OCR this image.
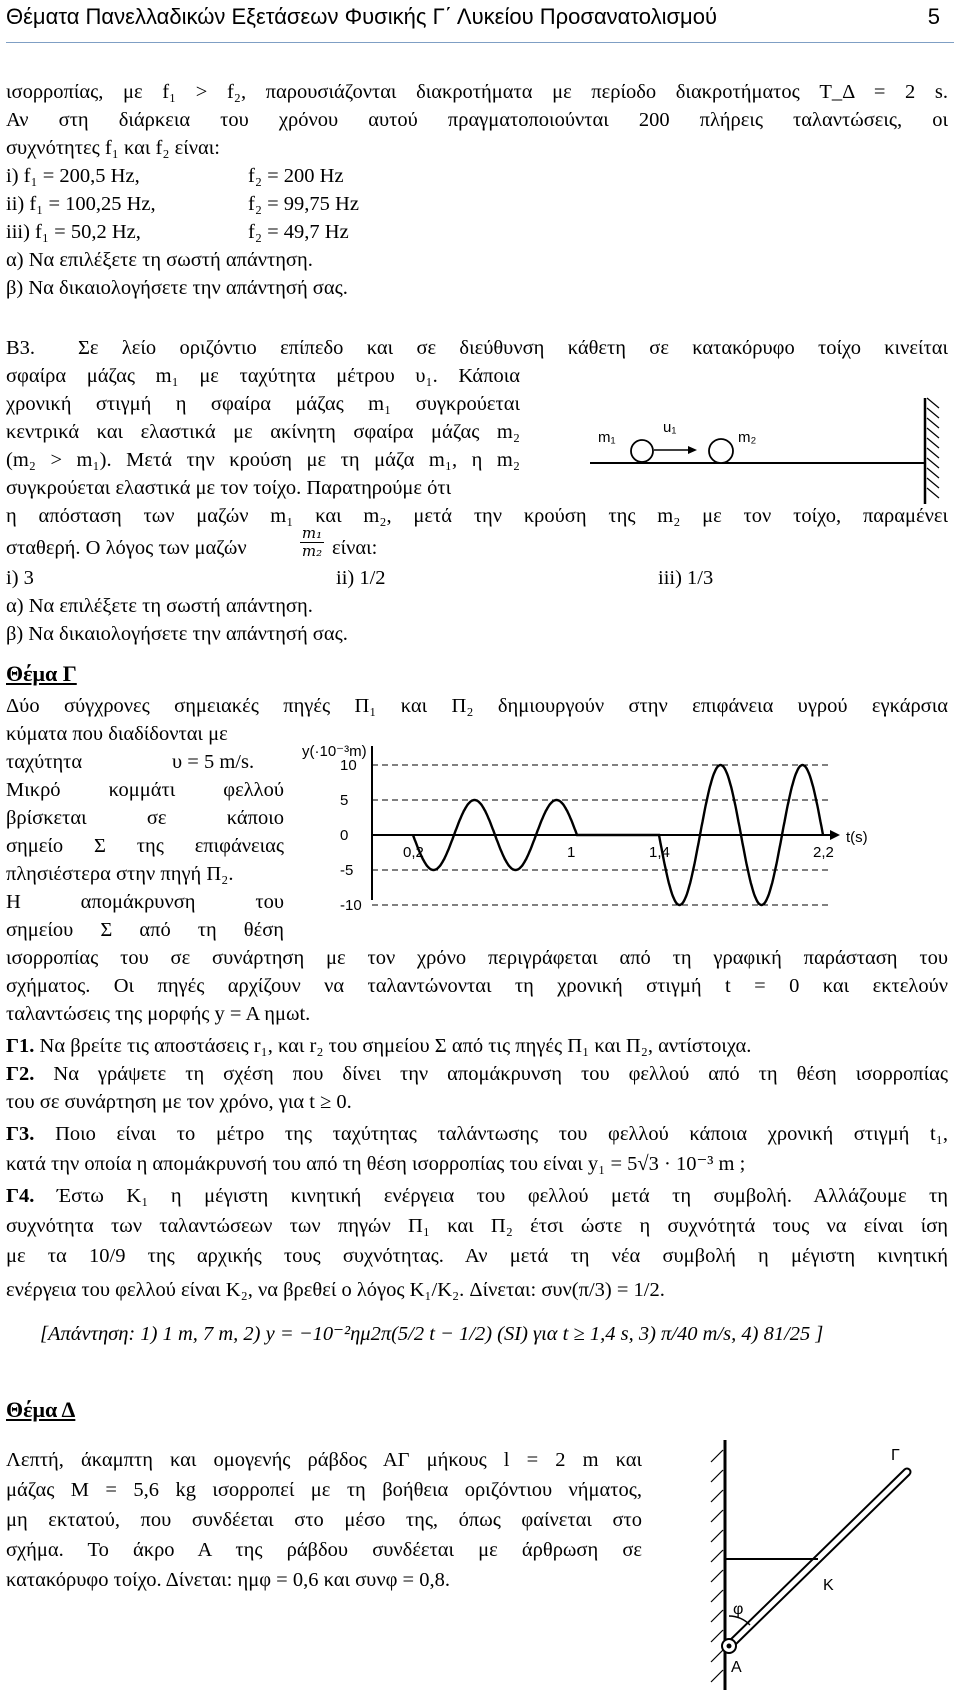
Θέματα Πανελλαδικών Εξετάσεων Φυσικής Γ΄ Λυκείου Προσανατολισμού	5
ισορροπίας, με f₁ > f₂, παρουσιάζονται διακροτήματα με περίοδο διακροτήματος T_Δ = 2 s.
Αν στη διάρκεια του χρόνου αυτού πραγματοποιούνται 200 πλήρεις ταλαντώσεις, οι
συχνότητες f₁ και f₂ είναι:
i) f₁ = 200,5 Hz,	f₂ = 200 Hz
ii) f₁ = 100,25 Hz,	f₂ = 99,75 Hz
iii) f₁ = 50,2 Hz,	f₂ = 49,7 Hz
α) Να επιλέξετε τη σωστή απάντηση.
β) Να δικαιολογήσετε την απάντησή σας.
Β3. Σε λείο οριζόντιο επίπεδο και σε διεύθυνση κάθετη σε κατακόρυφο τοίχο κινείται
σφαίρα μάζας m₁ με ταχύτητα μέτρου υ₁. Κάποια
χρονική στιγμή η σφαίρα μάζας m₁ συγκρούεται
κεντρικά και ελαστικά με ακίνητη σφαίρα μάζας m₂
(m₂ > m₁). Μετά την κρούση με τη μάζα m₁, η m₂
συγκρούεται ελαστικά με τον τοίχο. Παρατηρούμε ότι
η απόσταση των μαζών m₁ και m₂, μετά την κρούση της m₂ με τον τοίχο, παραμένει
σταθερή. Ο λόγος των μαζών	$\frac{\text{m₁}}{\text{m₂}} \varepsilon ί\nu\alpha\iota$:
i) 3	ii) 1/2	iii) 1/3
α) Να επιλέξετε τη σωστή απάντηση.
β) Να δικαιολογήσετε την απάντησή σας.
m₁
u₁
m₂
Θέμα Γ
Δύο σύγχρονες σημειακές πηγές Π₁ και Π₂ δημιουργούν στην επιφάνεια υγρού εγκάρσια
κύματα που διαδίδονται με
ταχύτητα	υ = 5 m/s.
Μικρό κομμάτι φελλού
βρίσκεται	σε	κάποιο
σημείο Σ της επιφάνειας
πλησιέστερα στην πηγή Π₂.
Η	απομάκρυνση	του
σημείου Σ από τη θέση
ισορροπίας του σε συνάρτηση με τον χρόνο περιγράφεται από τη γραφική παράσταση του
σχήματος. Οι πηγές αρχίζουν να ταλαντώνονται τη χρονική στιγμή t = 0 και εκτελούν
ταλαντώσεις της μορφής y = A ημωt.
y(·10⁻³m)
t(s)
10
5
0
-5
-10
0,2	1	1,4	2,2
Γ1. Να βρείτε τις αποστάσεις r₁, και r₂ του σημείου Σ από τις πηγές Π₁ και Π₂, αντίστοιχα.
Γ2. Να γράψετε τη σχέση που δίνει την απομάκρυνση του φελλού από τη θέση ισορροπίας
του σε συνάρτηση με τον χρόνο, για t ≥ 0.
Γ3. Ποιο είναι το μέτρο της ταχύτητας ταλάντωσης του φελλού κάποια χρονική στιγμή t₁,
κατά την οποία η απομάκρυνσή του από τη θέση ισορροπίας του είναι y₁ = 5√3 · 10⁻³ m ;
Γ4. Έστω K₁ η μέγιστη κινητική ενέργεια του φελλού μετά τη συμβολή. Αλλάζουμε τη
συχνότητα των ταλαντώσεων των πηγών Π₁ και Π₂ έτσι ώστε η συχνότητά τους να είναι ίση
με τα 10/9 της αρχικής τους συχνότητας. Αν μετά τη νέα συμβολή η μέγιστη κινητική
ενέργεια του φελλού είναι K₂, να βρεθεί ο λόγος K₁/K₂. Δίνεται: συν(π/3) = 1/2.
[Απάντηση: 1) 1 m, 7 m, 2) y = −10⁻²ημ2π(5/2 t − 1/2) (SI) για t ≥ 1,4 s, 3) π/40 m/s, 4) 81/25 ]
Θέμα Δ
Λεπτή, άκαμπτη και ομογενής ράβδος ΑΓ μήκους l = 2 m και
μάζας M = 5,6 kg ισορροπεί με τη βοήθεια οριζόντιου νήματος,
μη εκτατού, που συνδέεται στο μέσο της, όπως φαίνεται στο
σχήμα. Το άκρο Α της ράβδου συνδέεται με άρθρωση σε
κατακόρυφο τοίχο. Δίνεται: ημφ = 0,6 και συνφ = 0,8.
Γ
Κ
φ
Α
